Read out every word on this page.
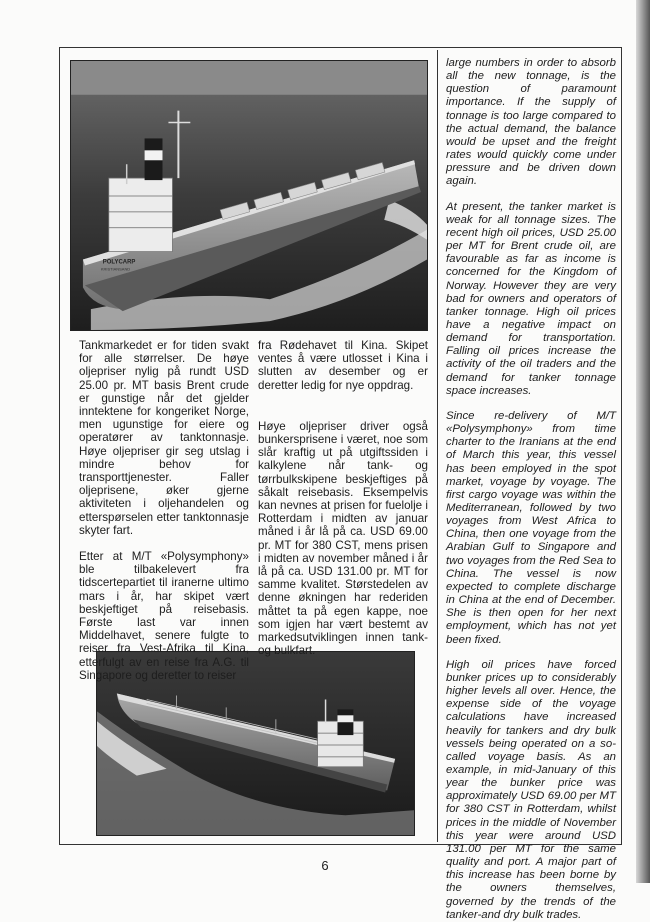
POLYCARP
KRISTIANSAND

Tankmarkedet er for tiden svakt for alle størrelser. De høye oljepriser nylig på rundt USD 25.00 pr. MT basis Brent crude er gunstige når det gjelder inntektene for kongeriket Norge, men ugunstige for eiere og operatører av tanktonnasje. Høye oljepriser gir seg utslag i mindre behov for transporttjenester. Faller oljeprisene, øker gjerne aktiviteten i oljehandelen og etterspørselen etter tanktonnasje skyter fart.

Etter at M/T «Polysymphony» ble tilbakelevert fra tidscertepartiet til iranerne ultimo mars i år, har skipet vært beskjeftiget på reisebasis. Første last var innen Middelhavet, senere fulgte to reiser fra Vest-Afrika til Kina, etterfulgt av en reise fra A.G. til Singapore og deretter to reiser

fra Rødehavet til Kina. Skipet ventes å være utlosset i Kina i slutten av desember og er deretter ledig for nye oppdrag.

Høye oljepriser driver også bunkersprisene i været, noe som slår kraftig ut på utgiftssiden i kalkylene når tank- og tørrbulkskipene beskjeftiges på såkalt reisebasis. Eksempelvis kan nevnes at prisen for fuelolje i Rotterdam i midten av januar måned i år lå på ca. USD 69.00 pr. MT for 380 CST, mens prisen i midten av november måned i år lå på ca. USD 131.00 pr. MT for samme kvalitet. Størstedelen av denne økningen har rederiden måttet ta på egen kappe, noe som igjen har vært bestemt av markedsutviklingen innen tank- og bulkfart.

large numbers in order to absorb all the new tonnage, is the question of paramount importance. If the supply of tonnage is too large compared to the actual demand, the balance would be upset and the freight rates would quickly come under pressure and be driven down again.

At present, the tanker market is weak for all tonnage sizes. The recent high oil prices, USD 25.00 per MT for Brent crude oil, are favourable as far as income is concerned for the Kingdom of Norway. However they are very bad for owners and operators of tanker tonnage. High oil prices have a negative impact on demand for transportation. Falling oil prices increase the activity of the oil traders and the demand for tanker tonnage space increases.

Since re-delivery of M/T «Polysymphony» from time charter to the Iranians at the end of March this year, this vessel has been employed in the spot market, voyage by voyage. The first cargo voyage was within the Mediterranean, followed by two voyages from West Africa to China, then one voyage from the Arabian Gulf to Singapore and two voyages from the Red Sea to China. The vessel is now expected to complete discharge in China at the end of December. She is then open for her next employment, which has not yet been fixed.

High oil prices have forced bunker prices up to considerably higher levels all over. Hence, the expense side of the voyage calculations have increased heavily for tankers and dry bulk vessels being operated on a so-called voyage basis. As an example, in mid-January of this year the bunker price was approximately USD 69.00 per MT for 380 CST in Rotterdam, whilst prices in the middle of November this year were around USD 131.00 per MT for the same quality and port. A major part of this increase has been borne by the owners themselves, governed by the trends of the tanker-and dry bulk trades.

6
